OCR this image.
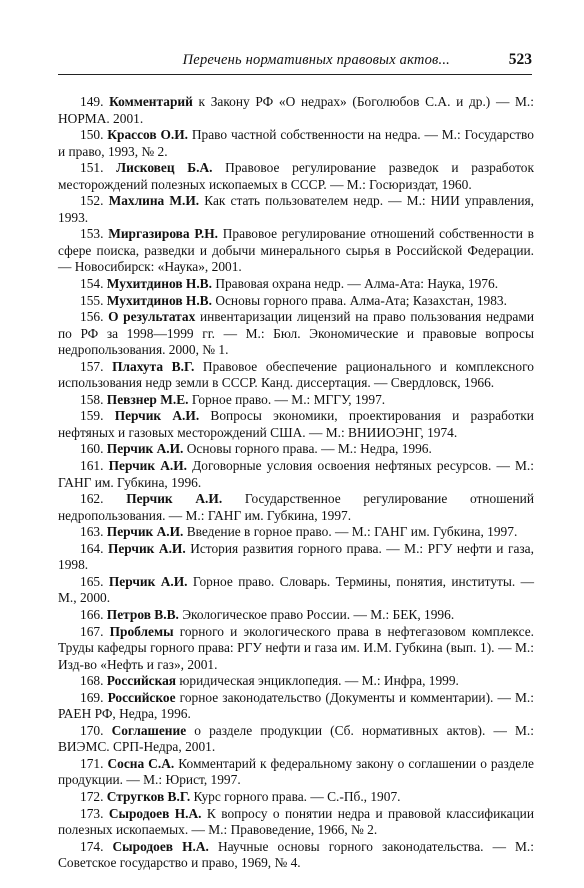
Перечень нормативных правовых актов...	523

149. Комментарий к Закону РФ «О недрах» (Боголюбов С.А. и др.) — М.: НОРМА. 2001.

150. Крассов О.И. Право частной собственности на недра. — М.: Государство и право, 1993, № 2.

151. Лисковец Б.А. Правовое регулирование разведок и разработок месторождений полезных ископаемых в СССР. — М.: Госюриздат, 1960.

152. Махлина М.И. Как стать пользователем недр. — М.: НИИ управления, 1993.

153. Миргазирова Р.Н. Правовое регулирование отношений собственности в сфере поиска, разведки и добычи минерального сырья в Российской Федерации. — Новосибирск: «Наука», 2001.

154. Мухитдинов Н.В. Правовая охрана недр. — Алма-Ата: Наука, 1976.

155. Мухитдинов Н.В. Основы горного права. Алма-Ата; Казахстан, 1983.

156. О результатах инвентаризации лицензий на право пользования недрами по РФ за 1998—1999 гг. — М.: Бюл. Экономические и правовые вопросы недропользования. 2000, № 1.

157. Плахута В.Г. Правовое обеспечение рационального и комплексного использования недр земли в СССР. Канд. диссертация. — Свердловск, 1966.

158. Певзнер М.Е. Горное право. — М.: МГГУ, 1997.

159. Перчик А.И. Вопросы экономики, проектирования и разработки нефтяных и газовых месторождений США. — М.: ВНИИОЭНГ, 1974.

160. Перчик А.И. Основы горного права. — М.: Недра, 1996.

161. Перчик А.И. Договорные условия освоения нефтяных ресурсов. — М.: ГАНГ им. Губкина, 1996.

162. Перчик А.И. Государственное регулирование отношений недропользования. — М.: ГАНГ им. Губкина, 1997.

163. Перчик А.И. Введение в горное право. — М.: ГАНГ им. Губкина, 1997.

164. Перчик А.И. История развития горного права. — М.: РГУ нефти и газа, 1998.

165. Перчик А.И. Горное право. Словарь. Термины, понятия, институты. — М., 2000.

166. Петров В.В. Экологическое право России. — М.: БЕК, 1996.

167. Проблемы горного и экологического права в нефтегазовом комплексе. Труды кафедры горного права: РГУ нефти и газа им. И.М. Губкина (вып. 1). — М.: Изд-во «Нефть и газ», 2001.

168. Российская юридическая энциклопедия. — М.: Инфра, 1999.

169. Российское горное законодательство (Документы и комментарии). — М.: РАЕН РФ, Недра, 1996.

170. Соглашение о разделе продукции (Сб. нормативных актов). — М.: ВИЭМС. СРП-Недра, 2001.

171. Сосна С.А. Комментарий к федеральному закону о соглашении о разделе продукции. — М.: Юрист, 1997.

172. Стругков В.Г. Курс горного права. — С.-Пб., 1907.

173. Сыродоев Н.А. К вопросу о понятии недра и правовой классификации полезных ископаемых. — М.: Правоведение, 1966, № 2.

174. Сыродоев Н.А. Научные основы горного законодательства. — М.: Советское государство и право, 1969, № 4.
